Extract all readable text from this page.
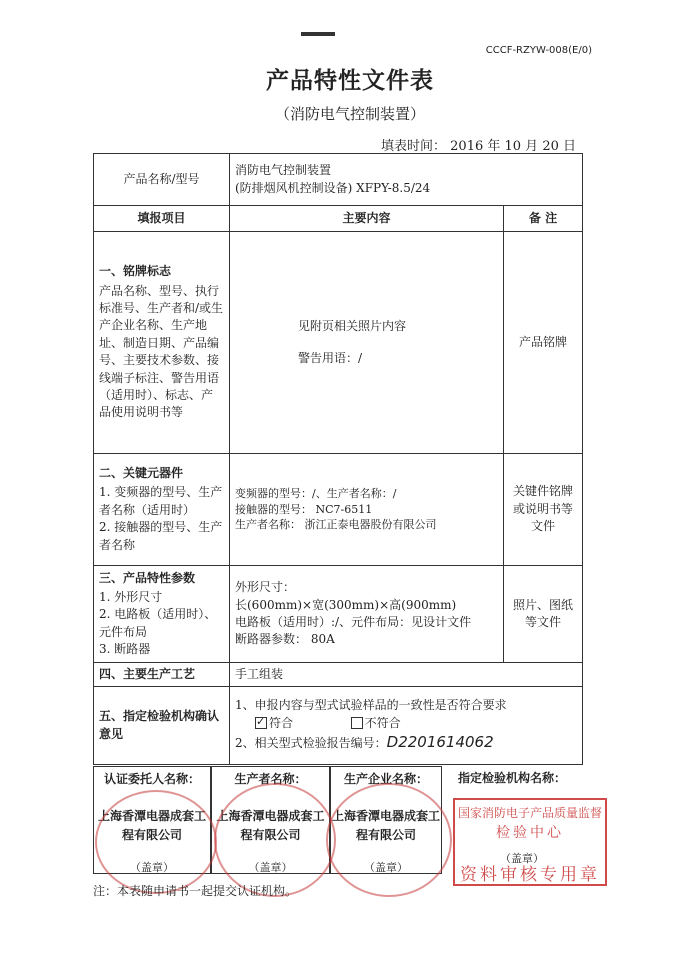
CCCF-RZYW-008(E/0)
产品特性文件表
（消防电气控制装置）
填表时间： 2016 年 10 月 20 日
产品名称/型号	消防电气控制装置
(防排烟风机控制设备) XFPY-8.5/24	

填报项目	主要内容	备 注

一、铭牌标志
产品名称、型号、执行标准号、生产者和/或生产企业名称、生产地址、制造日期、产品编号、主要技术参数、接线端子标注、警告用语（适用时）、标志、产品使用说明书等	见附页相关照片内容
警告用语：/	产品铭牌

二、关键元器件
1. 变频器的型号、生产者名称（适用时）
2. 接触器的型号、生产者名称	变频器的型号：/、生产者名称：/
接触器的型号： NC7-6511
生产者名称： 浙江正泰电器股份有限公司	关键件铭牌或说明书等文件

三、产品特性参数
1. 外形尺寸
2. 电路板（适用时）、元件布局
3. 断路器	外形尺寸：
长(600mm)×宽(300mm)×高(900mm)
电路板（适用时）:/、元件布局：见设计文件
断路器参数： 80A	照片、图纸等文件
四、主要生产工艺	手工组装	
五、指定检验机构确认意见	1、申报内容与型式试验样品的一致性是否符合要求
✓符合 不符合
2、相关型式检验报告编号：D2201614062
认证委托人名称：
上海香潭电器成套工程有限公司
（盖章）
生产者名称：
上海香潭电器成套工程有限公司
（盖章）
生产企业名称：
上海香潭电器成套工程有限公司
（盖章）
指定检验机构名称：
国家消防电子产品质量监督
检验中心
资料审核专用章
（盖章）
注：本表随申请书一起提交认证机构。
